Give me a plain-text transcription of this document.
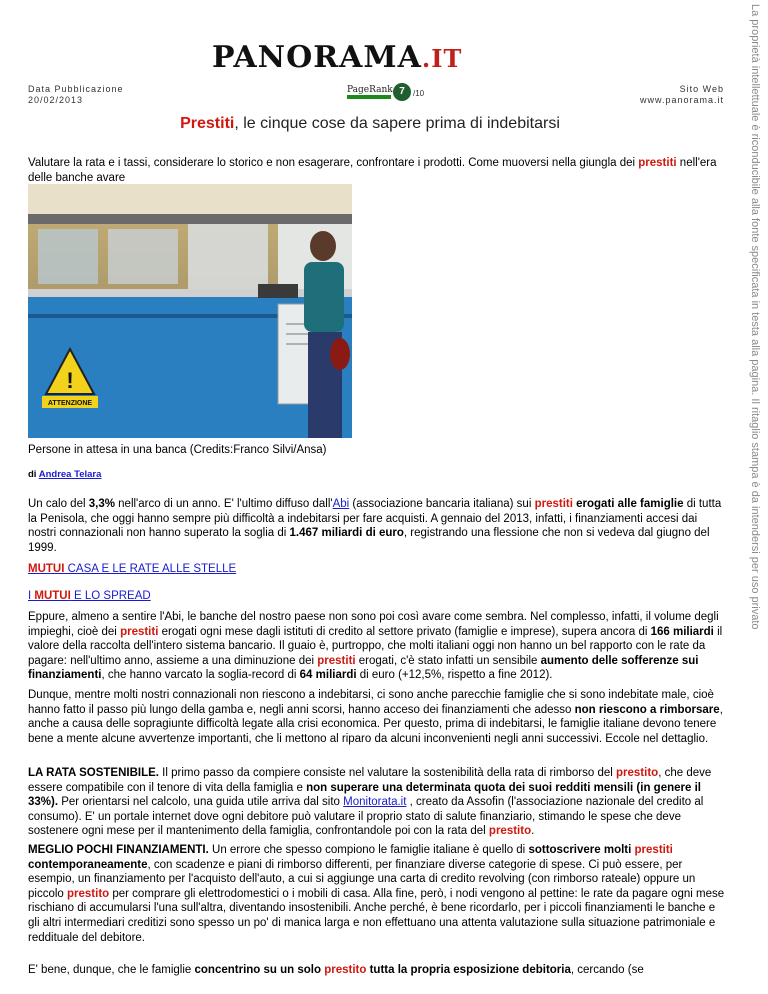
La proprietà intellettuale è riconducibile alla fonte specificata in testa alla pagina. Il ritaglio stampa è da intendersi per uso privato
PANORAMA.IT
Data Pubblicazione
20/02/2013
PageRank 7	/10	Sito Web
www.panorama.it
Prestiti, le cinque cose da sapere prima di indebitarsi
Valutare la rata e i tassi, considerare lo storico e non esagerare, confrontare i prodotti. Come muoversi nella giungla dei prestiti nell'era delle banche avare
!
ATTENZIONE
Persone in attesa in una banca (Credits:Franco Silvi/Ansa)
di Andrea Telara
Un calo del 3,3% nell'arco di un anno. E' l'ultimo diffuso dall'Abi (associazione bancaria italiana) sui prestiti erogati alle famiglie di tutta la Penisola, che oggi hanno sempre più difficoltà a indebitarsi per fare acquisti. A gennaio del 2013, infatti, i finanziamenti accesi dai nostri connazionali non hanno superato la soglia di 1.467 miliardi di euro, registrando una flessione che non si vedeva dal giugno del 1999.
MUTUI CASA E LE RATE ALLE STELLE
I MUTUI E LO SPREAD
Eppure, almeno a sentire l'Abi, le banche del nostro paese non sono poi così avare come sembra. Nel complesso, infatti, il volume degli impieghi, cioè dei prestiti erogati ogni mese dagli istituti di credito al settore privato (famiglie e imprese), supera ancora di 166 miliardi il valore della raccolta dell'intero sistema bancario. Il guaio è, purtroppo, che molti italiani oggi non hanno un bel rapporto con le rate da pagare: nell'ultimo anno, assieme a una diminuzione dei prestiti erogati, c'è stato infatti un sensibile aumento delle sofferenze sui finanziamenti, che hanno varcato la soglia-record di 64 miliardi di euro (+12,5%, rispetto a fine 2012).
Dunque, mentre molti nostri connazionali non riescono a indebitarsi, ci sono anche parecchie famiglie che si sono indebitate male, cioè hanno fatto il passo più lungo della gamba e, negli anni scorsi, hanno acceso dei finanziamenti che adesso non riescono a rimborsare, anche a causa delle sopragiunte difficoltà legate alla crisi economica. Per questo, prima di indebitarsi, le famiglie italiane devono tenere bene a mente alcune avvertenze importanti, che li mettono al riparo da alcuni inconvenienti negli anni successivi. Eccole nel dettaglio.
LA RATA SOSTENIBILE. Il primo passo da compiere consiste nel valutare la sostenibilità della rata di rimborso del prestito, che deve essere compatibile con il tenore di vita della famiglia e non superare una determinata quota dei suoi redditi mensili (in genere il 33%). Per orientarsi nel calcolo, una guida utile arriva dal sito Monitorata.it , creato da Assofin (l'associazione nazionale del credito al consumo). E' un portale internet dove ogni debitore può valutare il proprio stato di salute finanziario, stimando le spese che deve sostenere ogni mese per il mantenimento della famiglia, confrontandole poi con la rata del prestito.
MEGLIO POCHI FINANZIAMENTI. Un errore che spesso compiono le famiglie italiane è quello di sottoscrivere molti prestiti contemporaneamente, con scadenze e piani di rimborso differenti, per finanziare diverse categorie di spese. Ci può essere, per esempio, un finanziamento per l'acquisto dell'auto, a cui si aggiunge una carta di credito revolving (con rimborso rateale) oppure un piccolo prestito per comprare gli elettrodomestici o i mobili di casa. Alla fine, però, i nodi vengono al pettine: le rate da pagare ogni mese rischiano di accumularsi l'una sull'altra, diventando insostenibili. Anche perché, è bene ricordarlo, per i piccoli finanziamenti le banche e gli altri intermediari creditizi sono spesso un po' di manica larga e non effettuano una attenta valutazione sulla situazione patrimoniale e reddituale del debitore.
E' bene, dunque, che le famiglie concentrino su un solo prestito tutta la propria esposizione debitoria, cercando (se
